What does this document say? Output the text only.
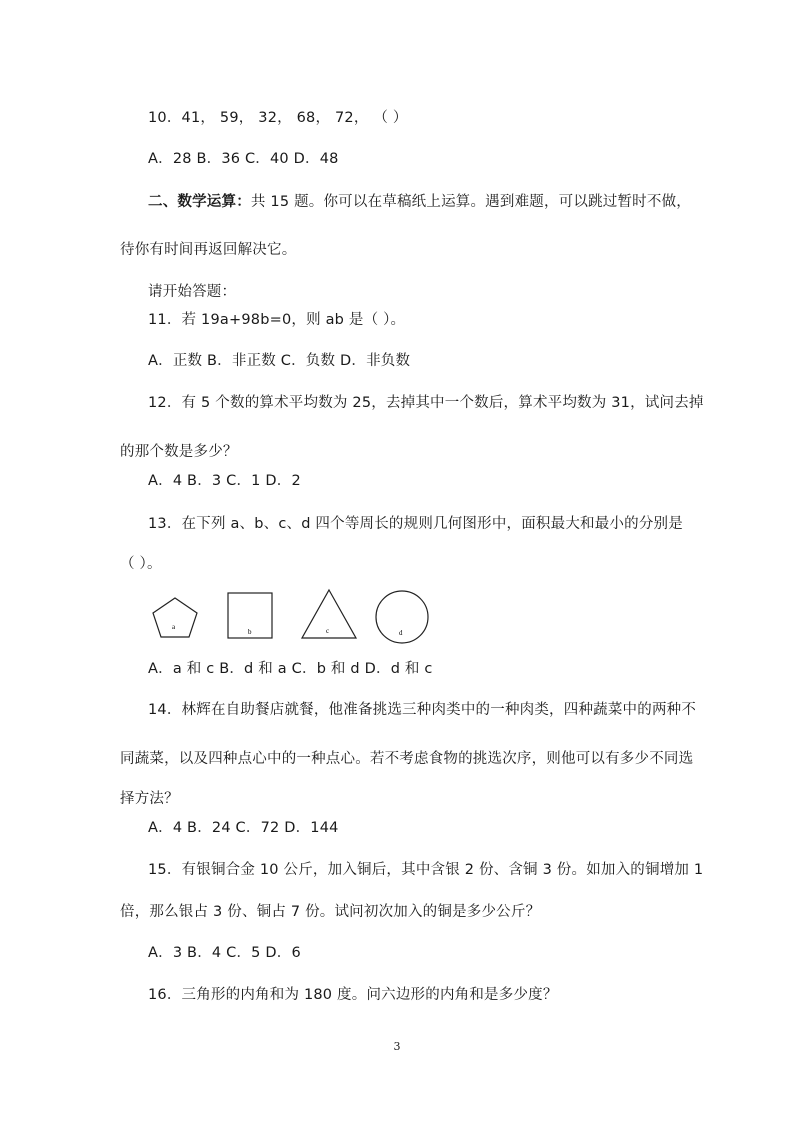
10．41， 59， 32， 68， 72， （ ）
A．28 B．36 C．40 D．48
二、数学运算：共 15 题。你可以在草稿纸上运算。遇到难题，可以跳过暂时不做，
待你有时间再返回解决它。
请开始答题：
11．若 19a+98b=0，则 ab 是（ ）。
A．正数 B．非正数 C．负数 D．非负数
12．有 5 个数的算术平均数为 25，去掉其中一个数后，算术平均数为 31，试问去掉
的那个数是多少？
A．4 B．3 C．1 D．2
13．在下列 a、b、c、d 四个等周长的规则几何图形中，面积最大和最小的分别是
（ ）。
a
b	c	d
A．a 和 c B．d 和 a C．b 和 d D．d 和 c
14．林辉在自助餐店就餐，他准备挑选三种肉类中的一种肉类，四种蔬菜中的两种不
同蔬菜，以及四种点心中的一种点心。若不考虑食物的挑选次序，则他可以有多少不同选
择方法？
A．4 B．24 C．72 D．144
15．有银铜合金 10 公斤，加入铜后，其中含银 2 份、含铜 3 份。如加入的铜增加 1
倍，那么银占 3 份、铜占 7 份。试问初次加入的铜是多少公斤？
A．3 B．4 C．5 D．6
16．三角形的内角和为 180 度。问六边形的内角和是多少度？
3
